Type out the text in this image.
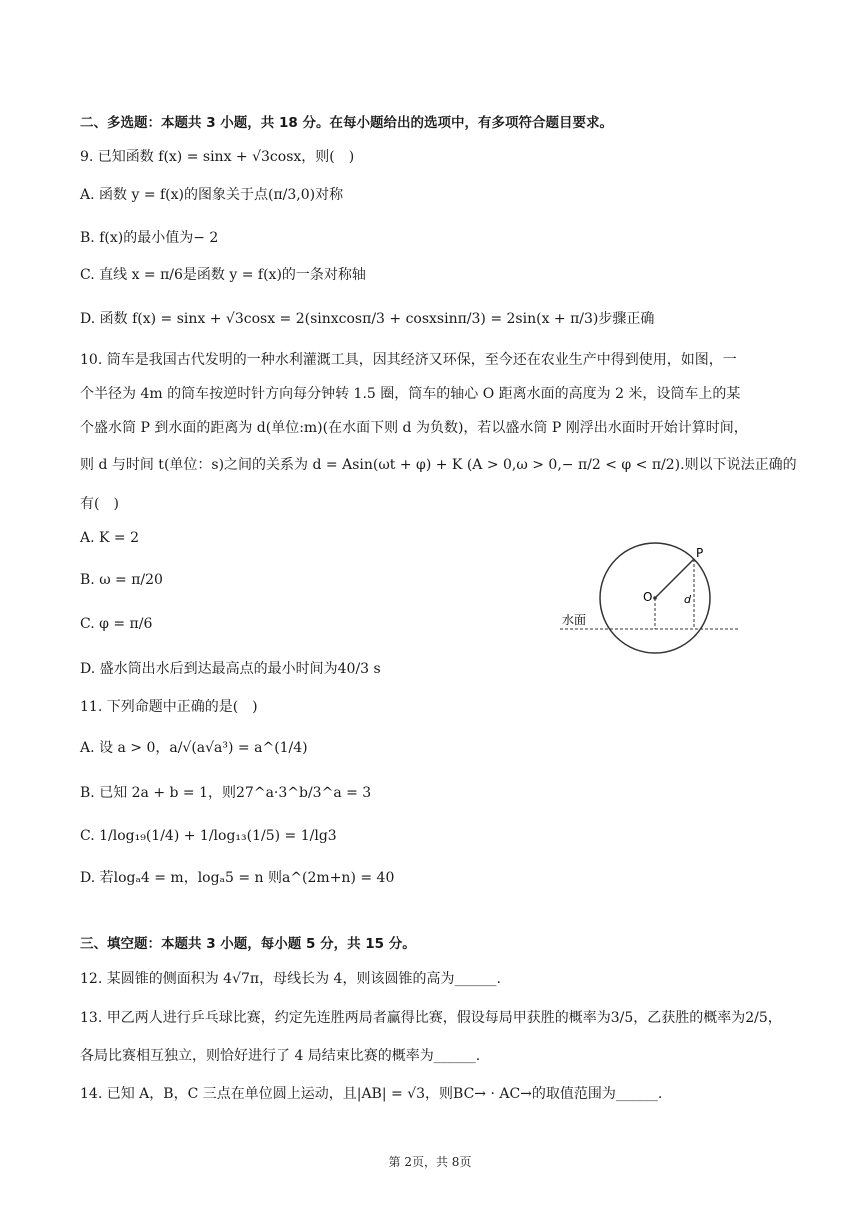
二、多选题：本题共 3 小题，共 18 分。在每小题给出的选项中，有多项符合题目要求。
9. 已知函数 f(x) = sinx + √3cosx，则(　)
A. 函数 y = f(x)的图象关于点(π/3,0)对称
B. f(x)的最小值为− 2
C. 直线 x = π/6是函数 y = f(x)的一条对称轴
D. 函数 f(x) = sinx + √3cosx = 2(sinxcosπ/3 + cosxsinπ/3) = 2sin(x + π/3)步骤正确
10. 筒车是我国古代发明的一种水利灌溉工具，因其经济又环保，至今还在农业生产中得到使用，如图，一
个半径为 4m 的筒车按逆时针方向每分钟转 1.5 圈，筒车的轴心 O 距离水面的高度为 2 米，设筒车上的某
个盛水筒 P 到水面的距离为 d(单位:m)(在水面下则 d 为负数)，若以盛水筒 P 刚浮出水面时开始计算时间，
则 d 与时间 t(单位：s)之间的关系为 d = Asin(ωt + φ) + K (A > 0,ω > 0,− π/2 < φ < π/2).则以下说法正确的
有(　)
A. K = 2
B. ω = π/20
C. φ = π/6
D. 盛水筒出水后到达最高点的最小时间为40/3 s
O
P
d
水面
11. 下列命题中正确的是(　)
A. 设 a > 0，a/√(a√a³) = a^(1/4)
B. 已知 2a + b = 1，则27^a·3^b/3^a = 3
C. 1/log₁₉(1/4) + 1/log₁₃(1/5) = 1/lg3
D. 若logₐ4 = m，logₐ5 = n 则a^(2m+n) = 40
三、填空题：本题共 3 小题，每小题 5 分，共 15 分。
12. 某圆锥的侧面积为 4√7π，母线长为 4，则该圆锥的高为______.
13. 甲乙两人进行乒乓球比赛，约定先连胜两局者赢得比赛，假设每局甲获胜的概率为3/5，乙获胜的概率为2/5，
各局比赛相互独立，则恰好进行了 4 局结束比赛的概率为______.
14. 已知 A，B，C 三点在单位圆上运动，且|AB| = √3，则BC→ · AC→的取值范围为______.
第 2页，共 8页
